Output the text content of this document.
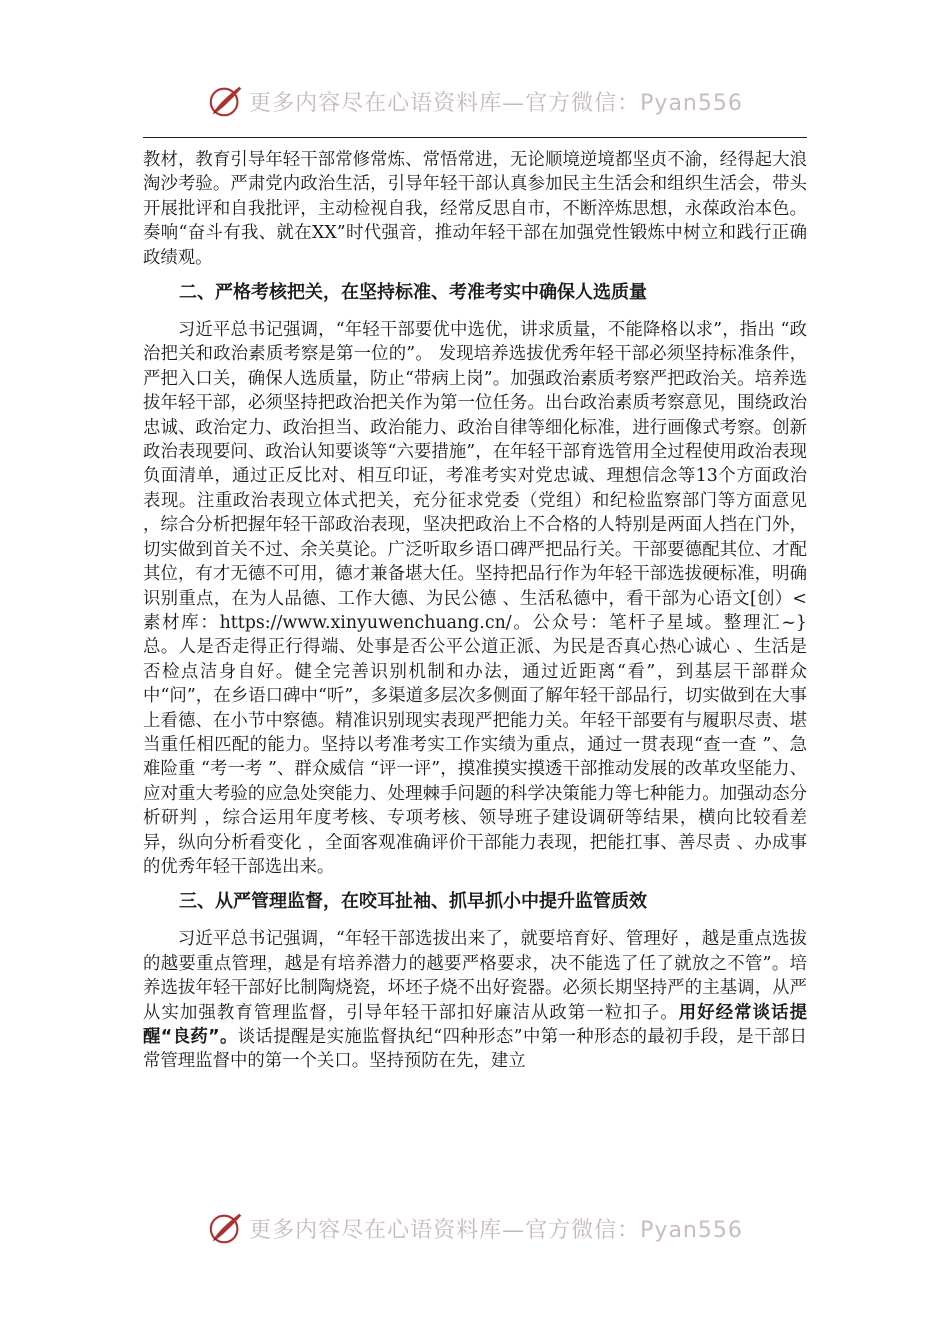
更多内容尽在心语资料库—官方微信：Pyan556

教材，教育引导年轻干部常修常炼、常悟常进，无论顺境逆境都坚贞不渝，经得起大浪淘沙考验。严肃党内政治生活，引导年轻干部认真参加民主生活会和组织生活会，带头开展批评和自我批评，主动检视自我，经常反思自市，不断淬炼思想，永葆政治本色。奏响“奋斗有我、就在XX”时代强音，推动年轻干部在加强党性锻炼中树立和践行正确政绩观。

二、严格考核把关，在坚持标准、考准考实中确保人选质量

习近平总书记强调，“年轻干部要优中选优，讲求质量，不能降格以求”，指出 “政治把关和政治素质考察是第一位的”。 发现培养选拔优秀年轻干部必须坚持标准条件，严把入口关，确保人选质量，防止“带病上岗”。加强政治素质考察严把政治关。培养选拔年轻干部，必须坚持把政治把关作为第一位任务。出台政治素质考察意见，围绕政治忠诚、政治定力、政治担当、政治能力、政治自律等细化标准，进行画像式考察。创新政治表现要问、政治认知要谈等“六要措施”，在年轻干部育选管用全过程使用政治表现负面清单，通过正反比对、相互印证，考准考实对党忠诚、理想信念等13个方面政治表现。注重政治表现立体式把关，充分征求党委（党组）和纪检监察部门等方面意见 ，综合分析把握年轻干部政治表现，坚决把政治上不合格的人特别是两面人挡在门外，切实做到首关不过、余关莫论。广泛听取乡语口碑严把品行关。干部要德配其位、才配其位，有才无德不可用，德才兼备堪大任。坚持把品行作为年轻干部选拔硬标准，明确识别重点，在为人品德、工作大德、为民公德 、生活私德中，看干部为心语文[创）<素材库：https://www.xinyuwenchuang.cn/。公众号：笔杆子星域。整理汇~}总。人是否走得正行得端、处事是否公平公道正派、为民是否真心热心诚心 、生活是否检点洁身自好。健全完善识别机制和办法，通过近距离“看”，到基层干部群众中“问”，在乡语口碑中“听”，多渠道多层次多侧面了解年轻干部品行，切实做到在大事上看德、在小节中察德。精准识别现实表现严把能力关。年轻干部要有与履职尽责、堪当重任相匹配的能力。坚持以考准考实工作实绩为重点，通过一贯表现“查一查 ”、急难险重 “考一考 ”、群众威信 “评一评”，摸准摸实摸透干部推动发展的改革攻坚能力、应对重大考验的应急处突能力、处理棘手问题的科学决策能力等七种能力。加强动态分析研判 ，综合运用年度考核、专项考核、领导班子建设调研等结果，横向比较看差异，纵向分析看变化 ，全面客观准确评价干部能力表现，把能扛事、善尽责 、办成事的优秀年轻干部选出来。

三、从严管理监督，在咬耳扯袖、抓早抓小中提升监管质效

习近平总书记强调，“年轻干部选拔出来了，就要培育好、管理好 ，越是重点选拔的越要重点管理，越是有培养潜力的越要严格要求，决不能选了任了就放之不管”。培养选拔年轻干部好比制陶烧瓷，坏坯子烧不出好瓷器。必须长期坚持严的主基调，从严从实加强教育管理监督，引导年轻干部扣好廉洁从政第一粒扣子。用好经常谈话提醒“良药”。谈话提醒是实施监督执纪“四种形态”中第一种形态的最初手段，是干部日常管理监督中的第一个关口。坚持预防在先，建立

更多内容尽在心语资料库—官方微信：Pyan556
